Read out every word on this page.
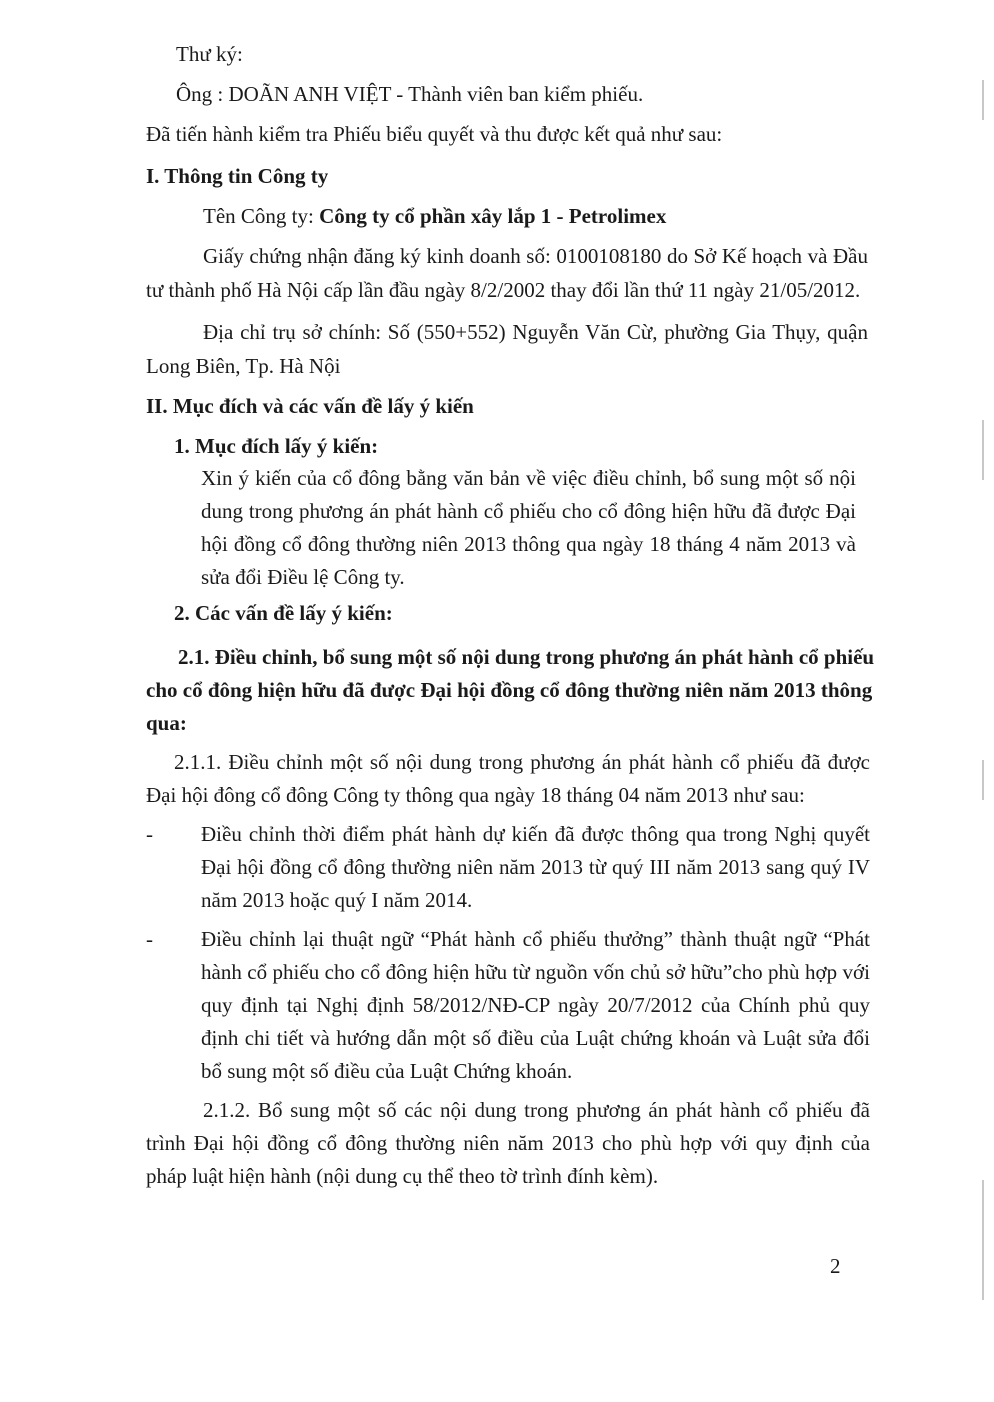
Thư ký:
Ông : DOÃN ANH VIỆT - Thành viên ban kiểm phiếu.
Đã tiến hành kiểm tra Phiếu biểu quyết và thu được kết quả như sau:
I. Thông tin Công ty
Tên Công ty: Công ty cổ phần xây lắp 1 - Petrolimex
Giấy chứng nhận đăng ký kinh doanh số: 0100108180 do Sở Kế hoạch và Đầu
tư thành phố Hà Nội cấp lần đầu ngày 8/2/2002 thay đổi lần thứ 11 ngày 21/05/2012.
Địa chỉ trụ sở chính: Số (550+552) Nguyễn Văn Cừ, phường Gia Thụy, quận
Long Biên, Tp. Hà Nội
II. Mục đích và các vấn đề lấy ý kiến
1. Mục đích lấy ý kiến:
Xin ý kiến của cổ đông bằng văn bản về việc điều chỉnh, bổ sung một số nội
dung trong phương án phát hành cổ phiếu cho cổ đông hiện hữu đã được Đại
hội đồng cổ đông thường niên 2013 thông qua ngày 18 tháng 4 năm 2013 và
sửa đổi Điều lệ Công ty.
2. Các vấn đề lấy ý kiến:
2.1. Điều chỉnh, bổ sung một số nội dung trong phương án phát hành cổ phiếu
cho cổ đông hiện hữu đã được Đại hội đồng cổ đông thường niên năm 2013 thông
qua:
2.1.1. Điều chỉnh một số nội dung trong phương án phát hành cổ phiếu đã được
Đại hội đông cổ đông Công ty thông qua ngày 18 tháng 04 năm 2013 như sau:
- Điều chỉnh thời điểm phát hành dự kiến đã được thông qua trong Nghị quyết
Đại hội đồng cổ đông thường niên năm 2013 từ quý III năm 2013 sang quý IV
năm 2013 hoặc quý I năm 2014.
- Điều chỉnh lại thuật ngữ “Phát hành cổ phiếu thưởng” thành thuật ngữ “Phát
hành cổ phiếu cho cổ đông hiện hữu từ nguồn vốn chủ sở hữu”cho phù hợp với
quy định tại Nghị định 58/2012/NĐ-CP ngày 20/7/2012 của Chính phủ quy
định chi tiết và hướng dẫn một số điều của Luật chứng khoán và Luật sửa đổi
bổ sung một số điều của Luật Chứng khoán.
2.1.2. Bổ sung một số các nội dung trong phương án phát hành cổ phiếu đã
trình Đại hội đồng cổ đông thường niên năm 2013 cho phù hợp với quy định của
pháp luật hiện hành (nội dung cụ thể theo tờ trình đính kèm).
2
